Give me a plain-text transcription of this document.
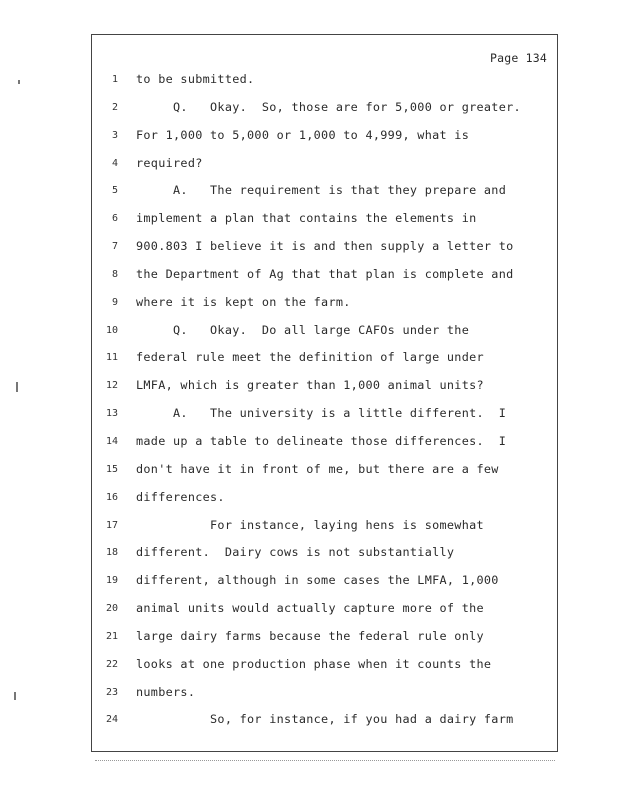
Page 134
1 to be submitted.
2 Q.   Okay.  So, those are for 5,000 or greater.
3 For 1,000 to 5,000 or 1,000 to 4,999, what is
4 required?
5 A.   The requirement is that they prepare and
6 implement a plan that contains the elements in
7 900.803 I believe it is and then supply a letter to
8 the Department of Ag that that plan is complete and
9 where it is kept on the farm.
10 Q.   Okay.  Do all large CAFOs under the
11 federal rule meet the definition of large under
12 LMFA, which is greater than 1,000 animal units?
13 A.   The university is a little different.  I
14 made up a table to delineate those differences.  I
15 don't have it in front of me, but there are a few
16 differences.
17 For instance, laying hens is somewhat
18 different.  Dairy cows is not substantially
19 different, although in some cases the LMFA, 1,000
20 animal units would actually capture more of the
21 large dairy farms because the federal rule only
22 looks at one production phase when it counts the
23 numbers.
24 So, for instance, if you had a dairy farm
